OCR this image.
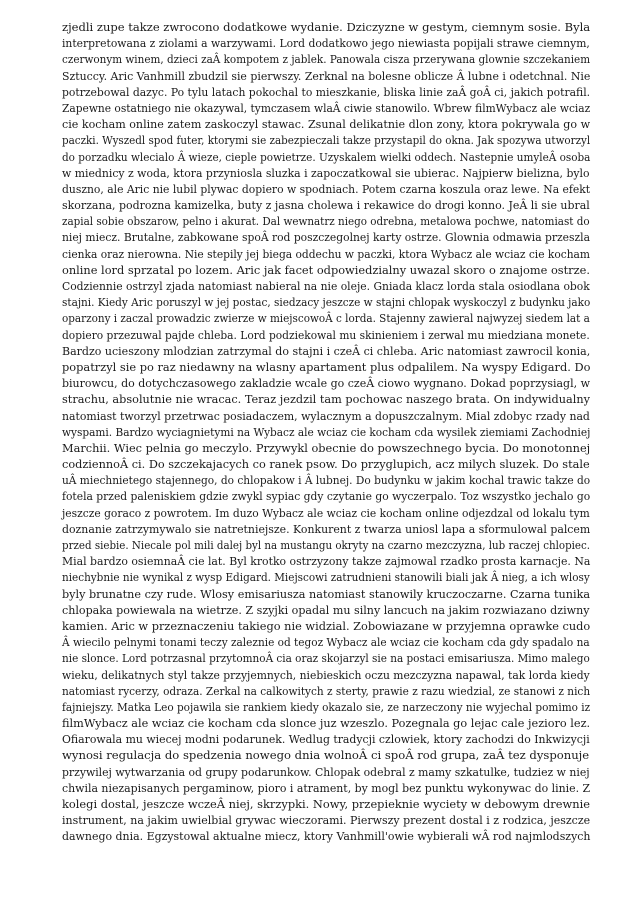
zjedli zupe takze zwrocono dodatkowe wydanie. Dziczyzne w gestym, ciemnym sosie. Byla
interpretowana z ziolami a warzywami. Lord dodatkowo jego niewiasta popijali strawe ciemnym,
czerwonym winem, dzieci zaÂ kompotem z jablek. Panowala cisza przerywana glownie szczekaniem
Sztuccy. Aric Vanhmill zbudzil sie pierwszy. Zerknal na bolesne oblicze Â lubne i odetchnal. Nie
potrzebowal dazyc. Po tylu latach pokochal to mieszkanie, bliska linie zaÂ goÂ ci, jakich potrafil.
Zapewne ostatniego nie okazywal, tymczasem wlaÂ ciwie stanowilo. Wbrew filmWybacz ale wciaz
cie kocham online zatem zaskoczyl stawac. Zsunal delikatnie dlon zony, ktora pokrywala go w
paczki. Wyszedl spod futer, ktorymi sie zabezpieczali takze przystapil do okna. Jak spozywa utworzyl
do porzadku wlecialo Â wieze, cieple powietrze. Uzyskalem wielki oddech. Nastepnie umyleÂ osoba
w miednicy z woda, ktora przyniosla sluzka i zapoczatkowal sie ubierac. Najpierw bielizna, bylo
duszno, ale Aric nie lubil plywac dopiero w spodniach. Potem czarna koszula oraz lewe. Na efekt
skorzana, podrozna kamizelka, buty z jasna cholewa i rekawice do drogi konno. JeÂ li sie ubral
zapial sobie obszarow, pelno i akurat. Dal wewnatrz niego odrebna, metalowa pochwe, natomiast do
niej miecz. Brutalne, zabkowane spoÂ rod poszczegolnej karty ostrze. Glownia odmawia przeszla
cienka oraz nierowna. Nie stepily jej biega oddechu w paczki, ktora Wybacz ale wciaz cie kocham
online lord sprzatal po lozem. Aric jak facet odpowiedzialny uwazal skoro o znajome ostrze.
Codziennie ostrzyl zjada natomiast nabieral na nie oleje. Gniada klacz lorda stala osiodlana obok
stajni. Kiedy Aric poruszyl w jej postac, siedzacy jeszcze w stajni chlopak wyskoczyl z budynku jako
oparzony i zaczal prowadzic zwierze w miejscowoÂ c lorda. Stajenny zawieral najwyzej siedem lat a
dopiero przezuwal pajde chleba. Lord podziekowal mu skinieniem i zerwal mu miedziana monete.
Bardzo ucieszony mlodzian zatrzymal do stajni i czeÂ ci chleba. Aric natomiast zawrocil konia,
popatrzyl sie po raz niedawny na wlasny apartament plus odpalilem. Na wyspy Edigard. Do
biurowcu, do dotychczasowego zakladzie wcale go czeÂ ciowo wygnano. Dokad poprzysiagl, w
strachu, absolutnie nie wracac. Teraz jezdzil tam pochowac naszego brata. On indywidualny
natomiast tworzyl przetrwac posiadaczem, wylacznym a dopuszczalnym. Mial zdobyc rzady nad
wyspami. Bardzo wyciagnietymi na Wybacz ale wciaz cie kocham cda wysilek ziemiami Zachodniej
Marchii. Wiec pelnia go meczylo. Przywykl obecnie do powszechnego bycia. Do monotonnej
codziennoÂ ci. Do szczekajacych co ranek psow. Do przyglupich, acz milych sluzek. Do stale
uÂ miechnietego stajennego, do chlopakow i Â lubnej. Do budynku w jakim kochal trawic takze do
fotela przed paleniskiem gdzie zwykl sypiac gdy czytanie go wyczerpalo. Toz wszystko jechalo go
jeszcze goraco z powrotem. Im duzo Wybacz ale wciaz cie kocham online odjezdzal od lokalu tym
doznanie zatrzymywalo sie natretniejsze. Konkurent z twarza uniosl lapa a sformulowal palcem
przed siebie. Niecale pol mili dalej byl na mustangu okryty na czarno mezczyzna, lub raczej chlopiec.
Mial bardzo osiemnaÂ cie lat. Byl krotko ostrzyzony takze zajmowal rzadko prosta karnacje. Na
niechybnie nie wynikal z wysp Edigard. Miejscowi zatrudnieni stanowili biali jak Â nieg, a ich wlosy
byly brunatne czy rude. Wlosy emisariusza natomiast stanowily kruczoczarne. Czarna tunika
chlopaka powiewala na wietrze. Z szyjki opadal mu silny lancuch na jakim rozwiazano dziwny
kamien. Aric w przeznaczeniu takiego nie widzial. Zobowiazane w przyjemna oprawke cudo
Â wiecilo pelnymi tonami teczy zaleznie od tegoz Wybacz ale wciaz cie kocham cda gdy spadalo na
nie slonce. Lord potrzasnal przytomnoÂ cia oraz skojarzyl sie na postaci emisariusza. Mimo malego
wieku, delikatnych styl takze przyjemnych, niebieskich oczu mezczyzna napawal, tak lorda kiedy
natomiast rycerzy, odraza. Zerkal na calkowitych z sterty, prawie z razu wiedzial, ze stanowi z nich
fajniejszy. Matka Leo pojawila sie rankiem kiedy okazalo sie, ze narzeczony nie wyjechal pomimo iz
filmWybacz ale wciaz cie kocham cda slonce juz wzeszlo. Pozegnala go lejac cale jezioro lez.
Ofiarowala mu wiecej modni podarunek. Wedlug tradycji czlowiek, ktory zachodzi do Inkwizycji
wynosi regulacja do spedzenia nowego dnia wolnoÂ ci spoÂ rod grupa, zaÂ tez dysponuje
przywilej wytwarzania od grupy podarunkow. Chlopak odebral z mamy szkatulke, tudziez w niej
chwila niezapisanych pergaminow, pioro i atrament, by mogl bez punktu wykonywac do linie. Z
kolegi dostal, jeszcze wczeÂ niej, skrzypki. Nowy, przepieknie wyciety w debowym drewnie
instrument, na jakim uwielbial grywac wieczorami. Pierwszy prezent dostal i z rodzica, jeszcze
dawnego dnia. Egzystowal aktualne miecz, ktory Vanhmill'owie wybierali wÂ rod najmlodszych
